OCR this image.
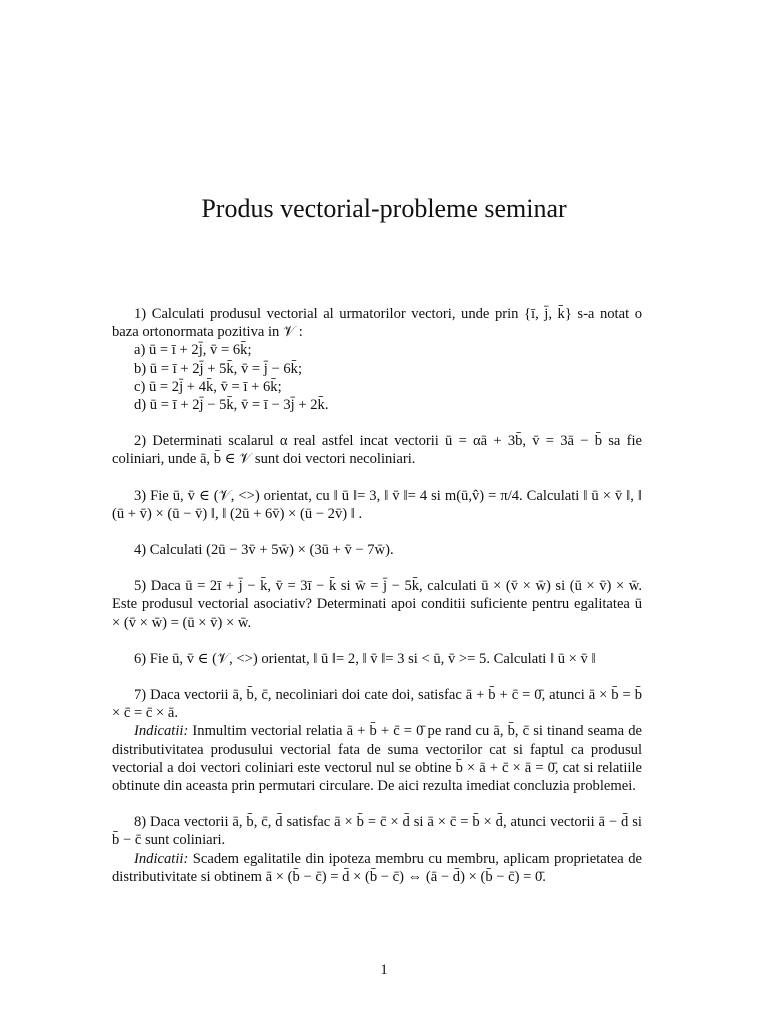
Produs vectorial-probleme seminar

1) Calculati produsul vectorial al urmatorilor vectori, unde prin {ī, j̄, k̄} s-a notat o baza ortonormata pozitiva in 𝒱 :

a) ū = ī + 2j̄, v̄ = 6k̄;

b) ū = ī + 2j̄ + 5k̄, v̄ = j̄ − 6k̄;

c) ū = 2j̄ + 4k̄, v̄ = ī + 6k̄;

d) ū = ī + 2j̄ − 5k̄, v̄ = ī − 3j̄ + 2k̄.

2) Determinati scalarul α real astfel incat vectorii ū = αā + 3b̄, v̄ = 3ā − b̄ sa fie coliniari, unde ā, b̄ ∈ 𝒱 sunt doi vectori necoliniari.

3) Fie ū, v̄ ∈ (𝒱, <>) orientat, cu ‖ ū ‖= 3, ‖ v̄ ‖= 4 si m(ū,v̂) = π/4. Calculati ‖ ū × v̄ ‖, ‖ (ū + v̄) × (ū − v̄) ‖, ‖ (2ū + 6v̄) × (ū − 2v̄) ‖ .

4) Calculati (2ū − 3v̄ + 5w̄) × (3ū + v̄ − 7w̄).

5) Daca ū = 2ī + j̄ − k̄, v̄ = 3ī − k̄ si w̄ = j̄ − 5k̄, calculati ū × (v̄ × w̄) si (ū × v̄) × w̄. Este produsul vectorial asociativ? Determinati apoi conditii suficiente pentru egalitatea ū × (v̄ × w̄) = (ū × v̄) × w̄.

6) Fie ū, v̄ ∈ (𝒱, <>) orientat, ‖ ū ‖= 2, ‖ v̄ ‖= 3 si < ū, v̄ >= 5. Calculati ‖ ū × v̄ ‖

7) Daca vectorii ā, b̄, c̄, necoliniari doi cate doi, satisfac ā + b̄ + c̄ = 0̄, atunci ā × b̄ = b̄ × c̄ = c̄ × ā.

Indicatii: Inmultim vectorial relatia ā + b̄ + c̄ = 0̄ pe rand cu ā, b̄, c̄ si tinand seama de distributivitatea produsului vectorial fata de suma vectorilor cat si faptul ca produsul vectorial a doi vectori coliniari este vectorul nul se obtine b̄ × ā + c̄ × ā = 0̄, cat si relatiile obtinute din aceasta prin permutari circulare. De aici rezulta imediat concluzia problemei.

8) Daca vectorii ā, b̄, c̄, d̄ satisfac ā × b̄ = c̄ × d̄ si ā × c̄ = b̄ × d̄, atunci vectorii ā − d̄ si b̄ − c̄ sunt coliniari.

Indicatii: Scadem egalitatile din ipoteza membru cu membru, aplicam proprietatea de distributivitate si obtinem ā × (b̄ − c̄) = d̄ × (b̄ − c̄) ⇔ (ā − d̄) × (b̄ − c̄) = 0̄.

1
